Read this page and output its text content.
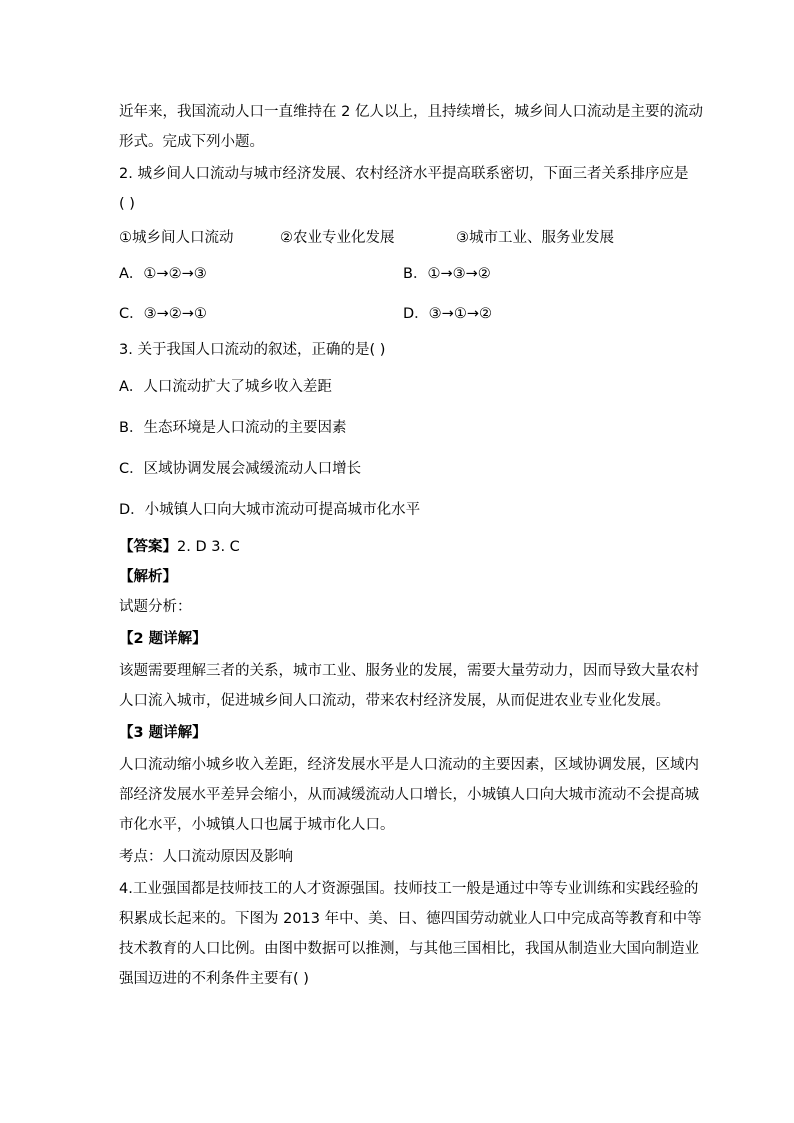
近年来，我国流动人口一直维持在 2 亿人以上，且持续增长，城乡间人口流动是主要的流动
形式。完成下列小题。
2. 城乡间人口流动与城市经济发展、农村经济水平提高联系密切，下面三者关系排序应是
( )
①城乡间人口流动	②农业专业化发展	③城市工业、服务业发展
A．①→②→③	B．①→③→②
C．③→②→①	D．③→①→②
3. 关于我国人口流动的叙述，正确的是( )
A．人口流动扩大了城乡收入差距
B．生态环境是人口流动的主要因素
C．区域协调发展会减缓流动人口增长
D．小城镇人口向大城市流动可提高城市化水平
【答案】2. D 3. C
【解析】
试题分析：
【2 题详解】
该题需要理解三者的关系，城市工业、服务业的发展，需要大量劳动力，因而导致大量农村
人口流入城市，促进城乡间人口流动，带来农村经济发展，从而促进农业专业化发展。
【3 题详解】
人口流动缩小城乡收入差距，经济发展水平是人口流动的主要因素，区域协调发展，区域内
部经济发展水平差异会缩小，从而减缓流动人口增长，小城镇人口向大城市流动不会提高城
市化水平，小城镇人口也属于城市化人口。
考点：人口流动原因及影响
4.工业强国都是技师技工的人才资源强国。技师技工一般是通过中等专业训练和实践经验的
积累成长起来的。下图为 2013 年中、美、日、德四国劳动就业人口中完成高等教育和中等
技术教育的人口比例。由图中数据可以推测，与其他三国相比，我国从制造业大国向制造业
强国迈进的不利条件主要有( )
